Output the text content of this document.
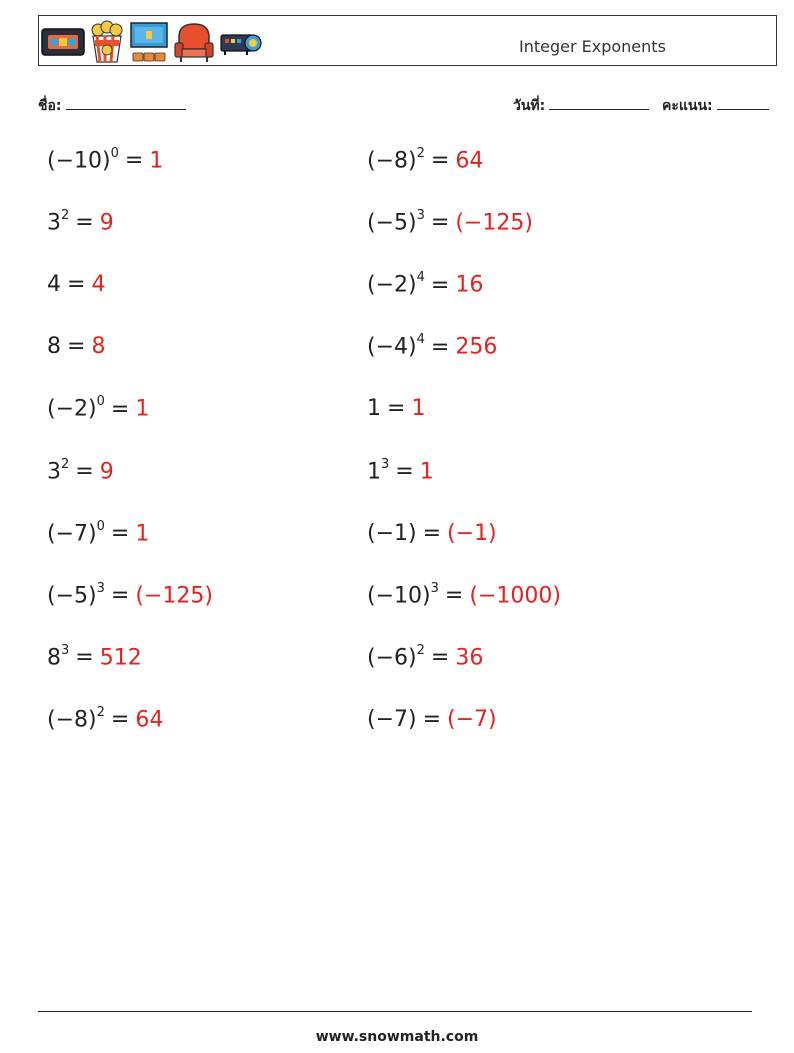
Integer Exponents
ชื่อ:	วันที่:	คะแนน:
$(-10)^0 = 1$	$(-8)^2 = 64$
$3^2 = 9$	$(-5)^3 = (-125)$
4 = 4	$(-2)^4 = 16$
8 = 8	$(-4)^4 = 256$
$(-2)^0 = 1$	1 = 1
$3^2 = 9$	$1^3 = 1$
$(-7)^0 = 1$	(−1) = (−1)
$(-5)^3 = (-125)$	$(-10)^3 = (-1000)$
$8^3 = 512$	$(-6)^2 = 36$
$(-8)^2 = 64$	(−7) = (−7)
www.snowmath.com
